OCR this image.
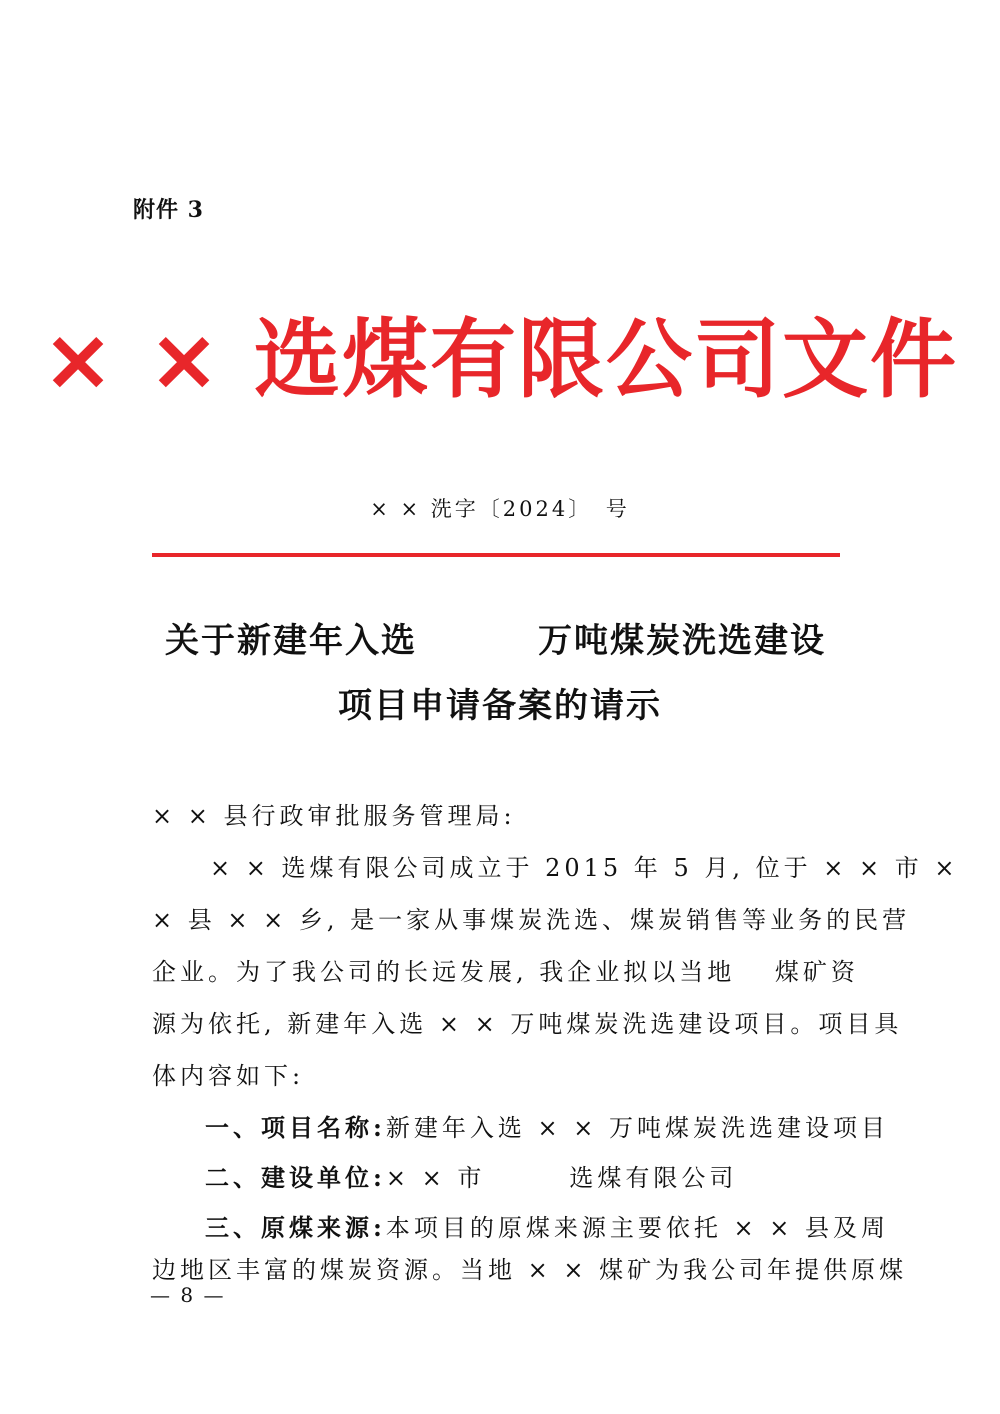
附件 3
× × 选煤有限公司文件
× × 洗字〔2024〕　号
关于新建年入选	万吨煤炭洗选建设
项目申请备案的请示
× × 县行政审批服务管理局:
× × 选煤有限公司成立于 2015 年 5 月, 位于 × × 市 ×
× 县 × × 乡, 是一家从事煤炭洗选、煤炭销售等业务的民营
企业。为了我公司的长远发展, 我企业拟以当地　 煤矿资
源为依托, 新建年入选 × × 万吨煤炭洗选建设项目。项目具
体内容如下:
一、项目名称:新建年入选 × × 万吨煤炭洗选建设项目
二、建设单位:× × 市　　　选煤有限公司
三、原煤来源:本项目的原煤来源主要依托 × × 县及周
边地区丰富的煤炭资源。当地 × × 煤矿为我公司年提供原煤
— 8 —
